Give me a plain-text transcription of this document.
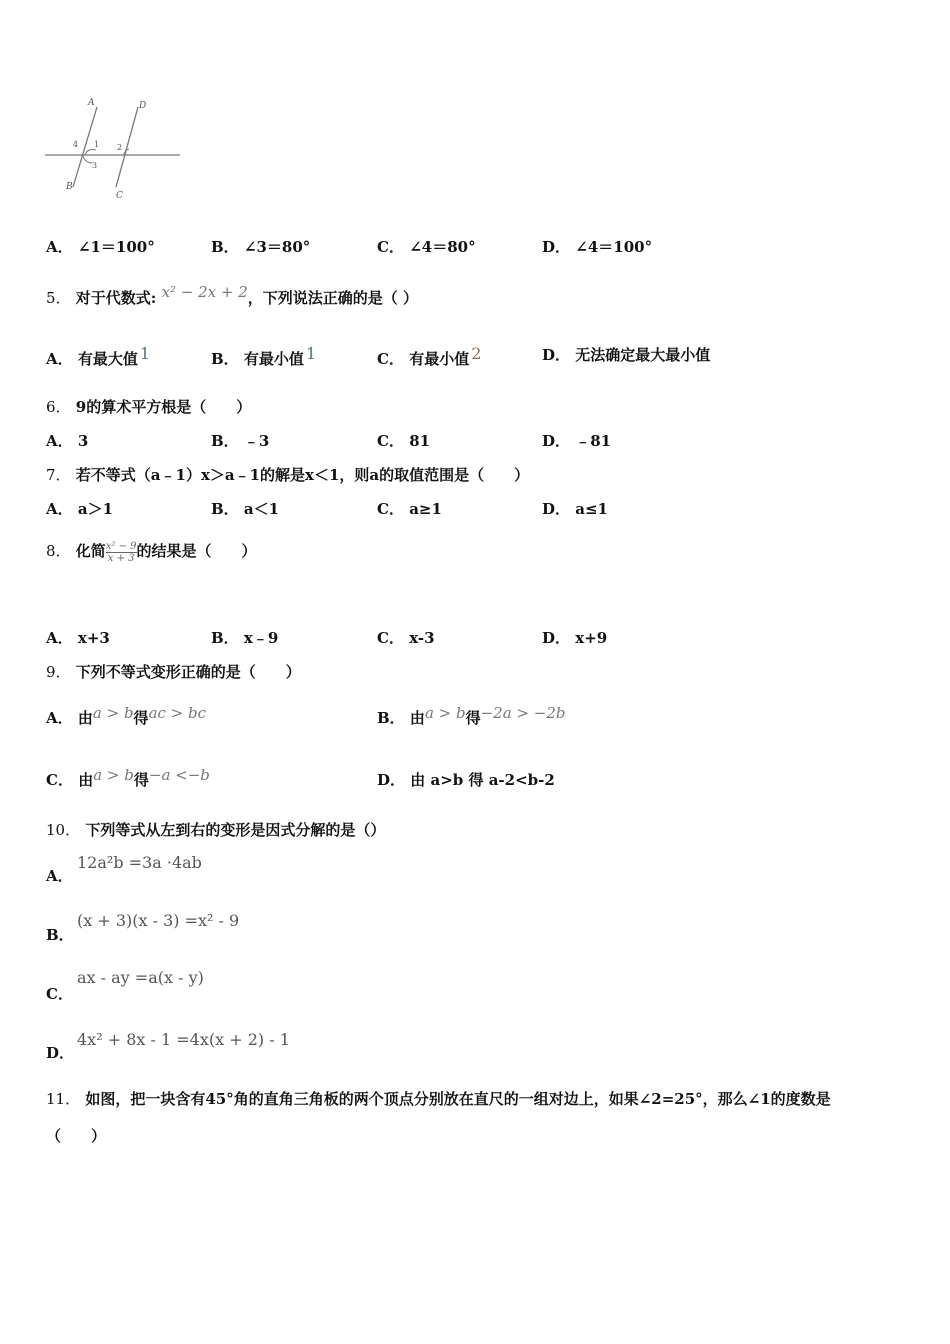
A	D
4 1 2
3
B
C
A． ∠1＝100°	B． ∠3＝80°	C． ∠4＝80°	D． ∠4＝100°
5． 对于代数式: x² − 2x + 2，下列说法正确的是（ ）
A． 有最大值 1	B． 有最小值 1	C． 有最小值 2	D． 无法确定最大最小值
6． 9的算术平方根是（　　）
A． 3	B． ﹣3	C． 81	D． ﹣81
7． 若不等式（a﹣1）x＞a﹣1的解是x＜1，则a的取值范围是（　　）
A． a＞1	B． a＜1	C． a≥1	D． a≤1
8． 化简 $\frac{\text{x² − 9}}{x + 3}$ 的结果是（　　）
A． x+3	B． x﹣9	C． x-3	D． x+9
9． 下列不等式变形正确的是（　　）
A． 由a > b得ac > bc	B． 由a > b得−2a > −2b
C． 由a > b得−a <−b	D． 由 a>b 得 a-2<b-2
10． 下列等式从左到右的变形是因式分解的是（）
A．
12a²b =3a ·4ab
B．
(x + 3)(x - 3) =x² - 9
C．
ax - ay =a(x - y)
D．
4x² + 8x - 1 =4x(x + 2) - 1
11． 如图，把一块含有45°角的直角三角板的两个顶点分别放在直尺的一组对边上，如果∠2=25°，那么∠1的度数是
（　　）
